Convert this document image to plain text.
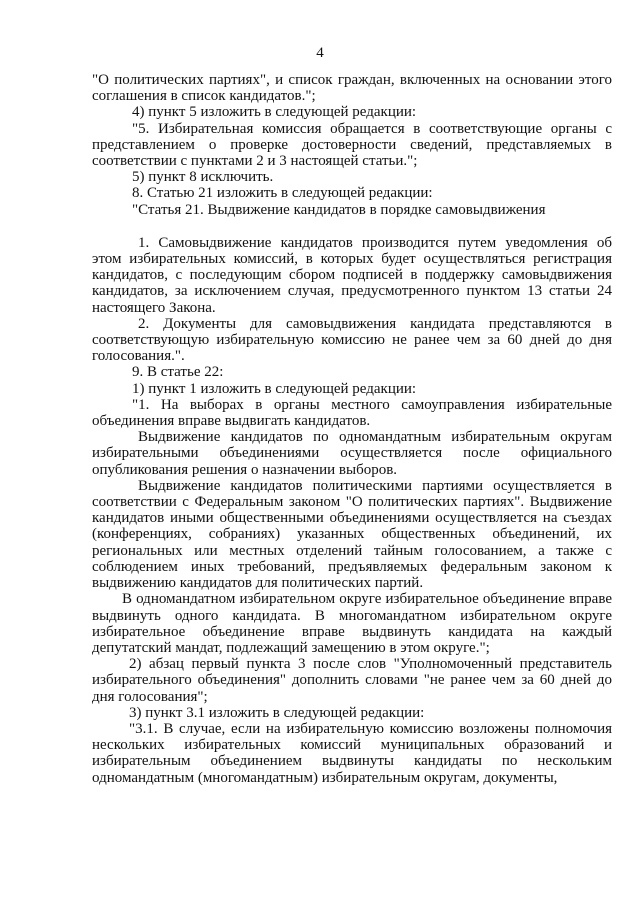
4

"О политических партиях", и список граждан, включенных на основании этого соглашения в список кандидатов.";

4) пункт 5 изложить в следующей редакции:

"5. Избирательная комиссия обращается в соответствующие органы с представлением о проверке достоверности сведений, представляемых в соответствии с пунктами 2 и 3 настоящей статьи.";

5) пункт 8 исключить.

8. Статью 21 изложить в следующей редакции:

"Статья 21. Выдвижение кандидатов в порядке самовыдвижения

1. Самовыдвижение кандидатов производится путем уведомления об этом избирательных комиссий, в которых будет осуществляться регистрация кандидатов, с последующим сбором подписей в поддержку самовыдвижения кандидатов, за исключением случая, предусмотренного пунктом 13 статьи 24 настоящего Закона.

2. Документы для самовыдвижения кандидата представляются в соответствующую избирательную комиссию не ранее чем за 60 дней до дня голосования.".

9. В статье 22:

1) пункт 1 изложить в следующей редакции:

"1. На выборах в органы местного самоуправления избирательные объединения вправе выдвигать кандидатов.

Выдвижение кандидатов по одномандатным избирательным округам избирательными объединениями осуществляется после официального опубликования решения о назначении выборов.

Выдвижение кандидатов политическими партиями осуществляется в соответствии с Федеральным законом "О политических партиях". Выдвижение кандидатов иными общественными объединениями осуществляется на съездах (конференциях, собраниях) указанных общественных объединений, их региональных или местных отделений тайным голосованием, а также с соблюдением иных требований, предъявляемых федеральным законом к выдвижению кандидатов для политических партий.

В одномандатном избирательном округе избирательное объединение вправе выдвинуть одного кандидата. В многомандатном избирательном округе избирательное объединение вправе выдвинуть кандидата на каждый депутатский мандат, подлежащий замещению в этом округе.";

2) абзац первый пункта 3 после слов "Уполномоченный представитель избирательного объединения" дополнить словами "не ранее чем за 60 дней до дня голосования";

3) пункт 3.1 изложить в следующей редакции:

"3.1. В случае, если на избирательную комиссию возложены полномочия нескольких избирательных комиссий муниципальных образований и избирательным объединением выдвинуты кандидаты по нескольким одномандатным (многомандатным) избирательным округам, документы,
